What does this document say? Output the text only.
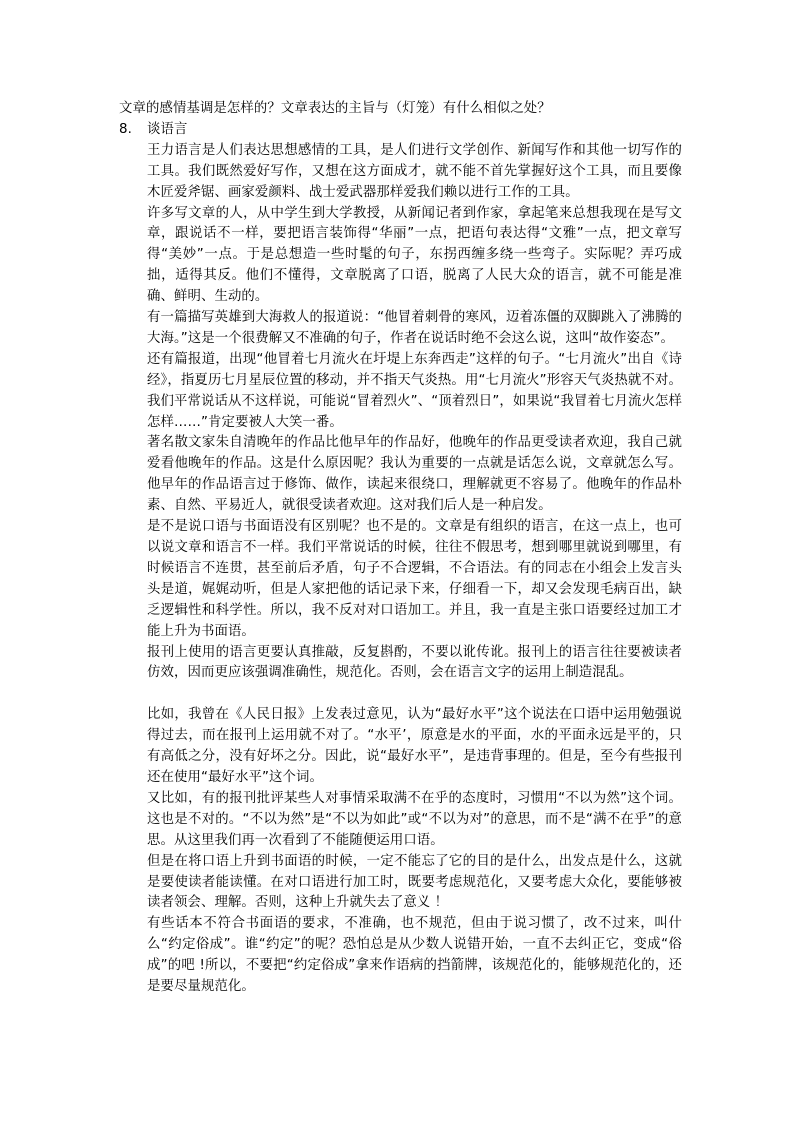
文章的感情基调是怎样的？文章表达的主旨与（灯笼）有什么相似之处？

8. 谈语言

王力语言是人们表达思想感情的工具，是人们进行文学创作、新闻写作和其他一切写作的工具。我们既然爱好写作，又想在这方面成才，就不能不首先掌握好这个工具，而且要像木匠爱斧锯、画家爱颜料、战士爱武器那样爱我们赖以进行工作的工具。

许多写文章的人，从中学生到大学教授，从新闻记者到作家，拿起笔来总想我现在是写文章，跟说话不一样，要把语言装饰得“华丽”一点，把语句表达得“文雅”一点，把文章写得“美妙”一点。于是总想造一些时髦的句子，东拐西缠多绕一些弯子。实际呢？弄巧成拙，适得其反。他们不懂得，文章脱离了口语，脱离了人民大众的语言，就不可能是准确、鲜明、生动的。

有一篇描写英雄到大海救人的报道说：“他冒着刺骨的寒风，迈着冻僵的双脚跳入了沸腾的大海。”这是一个很费解又不准确的句子，作者在说话时绝不会这么说，这叫“故作姿态”。

还有篇报道，出现“他冒着七月流火在圩堤上东奔西走”这样的句子。“七月流火”出自《诗经》，指夏历七月星辰位置的移动，并不指天气炎热。用“七月流火”形容天气炎热就不对。我们平常说话从不这样说，可能说“冒着烈火”、“顶着烈日”，如果说“我冒着七月流火怎样怎样……”肯定要被人大笑一番。

著名散文家朱自清晚年的作品比他早年的作品好，他晚年的作品更受读者欢迎，我自己就爱看他晚年的作品。这是什么原因呢？我认为重要的一点就是话怎么说，文章就怎么写。他早年的作品语言过于修饰、做作，读起来很绕口，理解就更不容易了。他晚年的作品朴素、自然、平易近人，就很受读者欢迎。这对我们后人是一种启发。

是不是说口语与书面语没有区别呢？也不是的。文章是有组织的语言，在这一点上，也可以说文章和语言不一样。我们平常说话的时候，往往不假思考，想到哪里就说到哪里，有时候语言不连贯，甚至前后矛盾，句子不合逻辑，不合语法。有的同志在小组会上发言头头是道，娓娓动听，但是人家把他的话记录下来，仔细看一下，却又会发现毛病百出，缺乏逻辑性和科学性。所以，我不反对对口语加工。并且，我一直是主张口语要经过加工才能上升为书面语。

报刊上使用的语言更要认真推敲，反复斟酌，不要以讹传讹。报刊上的语言往往要被读者仿效，因而更应该强调准确性，规范化。否则，会在语言文字的运用上制造混乱。

比如，我曾在《人民日报》上发表过意见，认为“最好水平”这个说法在口语中运用勉强说得过去，而在报刊上运用就不对了。“水平’，原意是水的平面，水的平面永远是平的，只有高低之分，没有好坏之分。因此，说“最好水平”，是违背事理的。但是，至今有些报刊还在使用“最好水平”这个词。

又比如，有的报刊批评某些人对事情采取满不在乎的态度时，习惯用“不以为然”这个词。这也是不对的。“不以为然”是“不以为如此”或“不以为对”的意思，而不是“满不在乎”的意思。从这里我们再一次看到了不能随便运用口语。

但是在将口语上升到书面语的时候，一定不能忘了它的目的是什么，出发点是什么，这就是要使读者能读懂。在对口语进行加工时，既要考虑规范化，又要考虑大众化，要能够被读者领会、理解。否则，这种上升就失去了意义 ！

有些话本不符合书面语的要求，不准确，也不规范，但由于说习惯了，改不过来，叫什么“约定俗成”。谁“约定”的呢？恐怕总是从少数人说错开始，一直不去纠正它，变成“俗成”的吧 !所以，不要把“约定俗成”拿来作语病的挡箭牌，该规范化的，能够规范化的，还是要尽量规范化。
